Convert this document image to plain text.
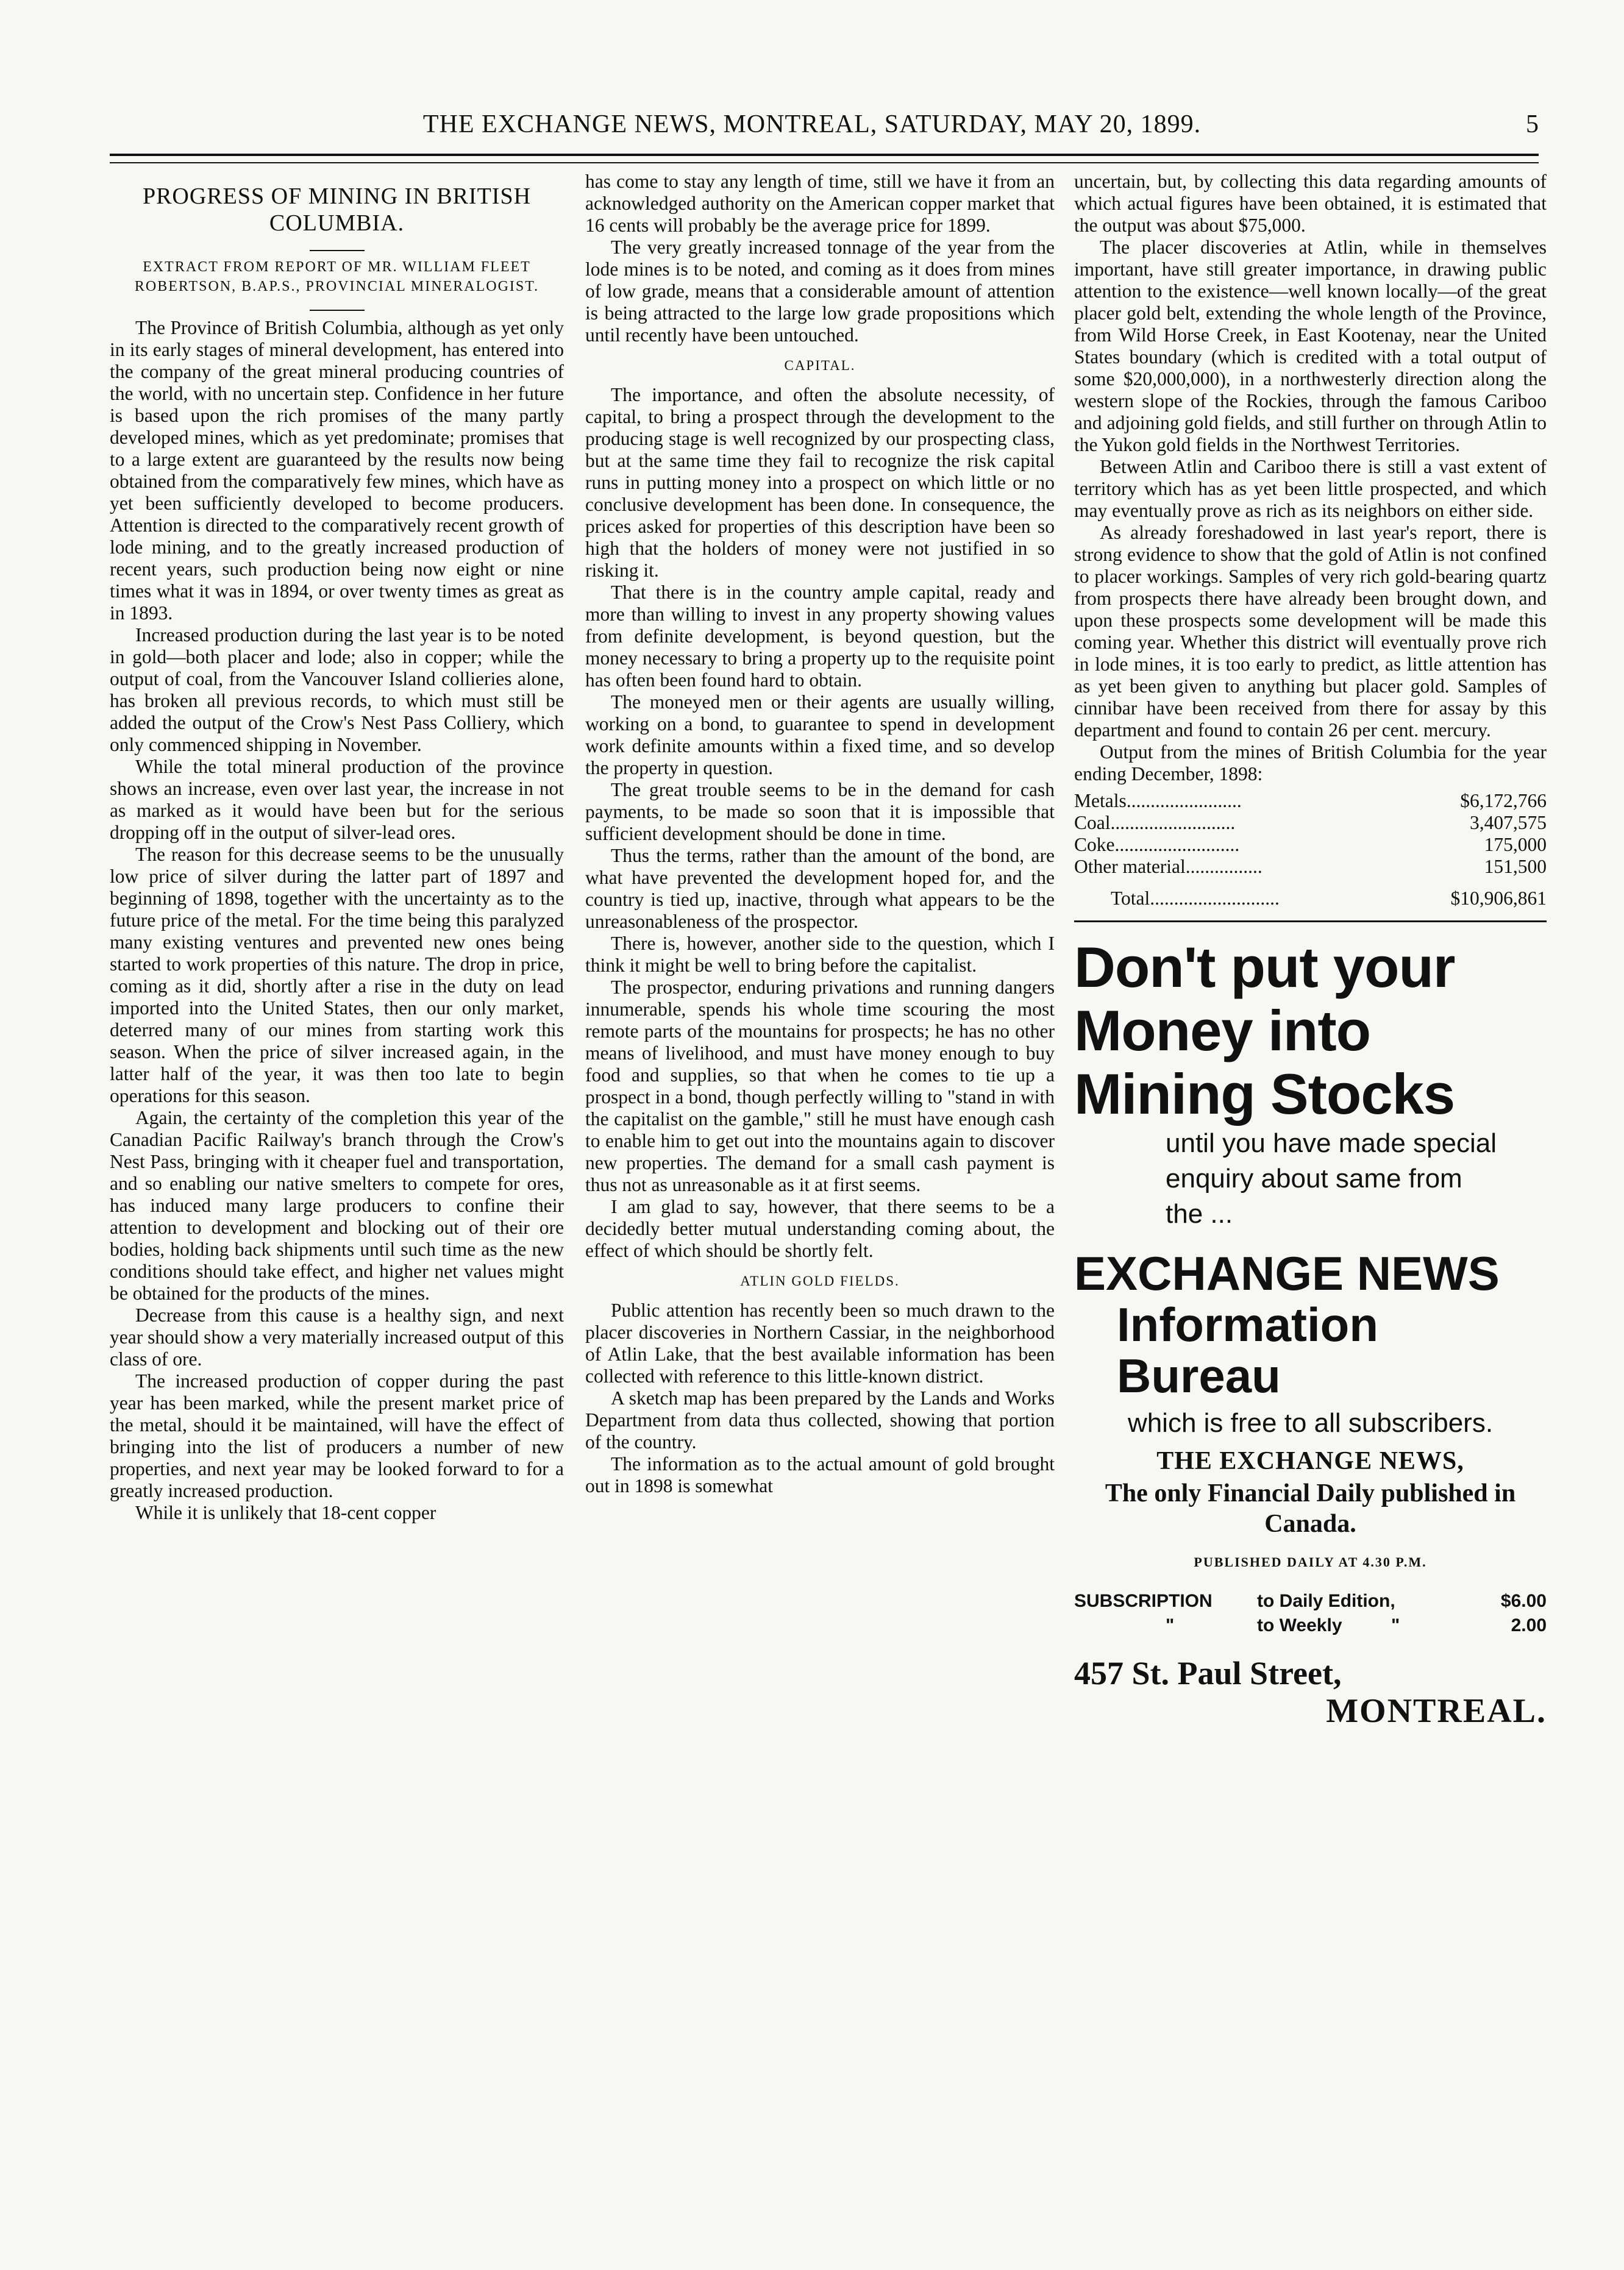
THE EXCHANGE NEWS, MONTREAL, SATURDAY, MAY 20, 1899.	5
PROGRESS OF MINING IN BRITISH COLUMBIA.
EXTRACT FROM REPORT OF MR. WILLIAM FLEET ROBERTSON, B.AP.S., PROVINCIAL MINERALOGIST.

The Province of British Columbia, although as yet only in its early stages of mineral development, has entered into the company of the great mineral producing countries of the world, with no uncertain step. Confidence in her future is based upon the rich promises of the many partly developed mines, which as yet predominate; promises that to a large extent are guaranteed by the results now being obtained from the comparatively few mines, which have as yet been sufficiently developed to become producers. Attention is directed to the comparatively recent growth of lode mining, and to the greatly increased production of recent years, such production being now eight or nine times what it was in 1894, or over twenty times as great as in 1893.

Increased production during the last year is to be noted in gold—both placer and lode; also in copper; while the output of coal, from the Vancouver Island collieries alone, has broken all previous records, to which must still be added the output of the Crow's Nest Pass Colliery, which only commenced shipping in November.

While the total mineral production of the province shows an increase, even over last year, the increase in not as marked as it would have been but for the serious dropping off in the output of silver-lead ores.

The reason for this decrease seems to be the unusually low price of silver during the latter part of 1897 and beginning of 1898, together with the uncertainty as to the future price of the metal. For the time being this paralyzed many existing ventures and prevented new ones being started to work properties of this nature. The drop in price, coming as it did, shortly after a rise in the duty on lead imported into the United States, then our only market, deterred many of our mines from starting work this season. When the price of silver increased again, in the latter half of the year, it was then too late to begin operations for this season.

Again, the certainty of the completion this year of the Canadian Pacific Railway's branch through the Crow's Nest Pass, bringing with it cheaper fuel and transportation, and so enabling our native smelters to compete for ores, has induced many large producers to confine their attention to development and blocking out of their ore bodies, holding back shipments until such time as the new conditions should take effect, and higher net values might be obtained for the products of the mines.

Decrease from this cause is a healthy sign, and next year should show a very materially increased output of this class of ore.

The increased production of copper during the past year has been marked, while the present market price of the metal, should it be maintained, will have the effect of bringing into the list of producers a number of new properties, and next year may be looked forward to for a greatly increased production.

While it is unlikely that 18-cent copper

has come to stay any length of time, still we have it from an acknowledged authority on the American copper market that 16 cents will probably be the average price for 1899.

The very greatly increased tonnage of the year from the lode mines is to be noted, and coming as it does from mines of low grade, means that a considerable amount of attention is being attracted to the large low grade propositions which until recently have been untouched.

CAPITAL.

The importance, and often the absolute necessity, of capital, to bring a prospect through the development to the producing stage is well recognized by our prospecting class, but at the same time they fail to recognize the risk capital runs in putting money into a prospect on which little or no conclusive development has been done. In consequence, the prices asked for properties of this description have been so high that the holders of money were not justified in so risking it.

That there is in the country ample capital, ready and more than willing to invest in any property showing values from definite development, is beyond question, but the money necessary to bring a property up to the requisite point has often been found hard to obtain.

The moneyed men or their agents are usually willing, working on a bond, to guarantee to spend in development work definite amounts within a fixed time, and so develop the property in question.

The great trouble seems to be in the demand for cash payments, to be made so soon that it is impossible that sufficient development should be done in time.

Thus the terms, rather than the amount of the bond, are what have prevented the development hoped for, and the country is tied up, inactive, through what appears to be the unreasonableness of the prospector.

There is, however, another side to the question, which I think it might be well to bring before the capitalist.

The prospector, enduring privations and running dangers innumerable, spends his whole time scouring the most remote parts of the mountains for prospects; he has no other means of livelihood, and must have money enough to buy food and supplies, so that when he comes to tie up a prospect in a bond, though perfectly willing to "stand in with the capitalist on the gamble," still he must have enough cash to enable him to get out into the mountains again to discover new properties. The demand for a small cash payment is thus not as unreasonable as it at first seems.

I am glad to say, however, that there seems to be a decidedly better mutual understanding coming about, the effect of which should be shortly felt.

ATLIN GOLD FIELDS.

Public attention has recently been so much drawn to the placer discoveries in Northern Cassiar, in the neighborhood of Atlin Lake, that the best available information has been collected with reference to this little-known district.

A sketch map has been prepared by the Lands and Works Department from data thus collected, showing that portion of the country.

The information as to the actual amount of gold brought out in 1898 is somewhat

uncertain, but, by collecting this data regarding amounts of which actual figures have been obtained, it is estimated that the output was about $75,000.

The placer discoveries at Atlin, while in themselves important, have still greater importance, in drawing public attention to the existence—well known locally—of the great placer gold belt, extending the whole length of the Province, from Wild Horse Creek, in East Kootenay, near the United States boundary (which is credited with a total output of some $20,000,000), in a northwesterly direction along the western slope of the Rockies, through the famous Cariboo and adjoining gold fields, and still further on through Atlin to the Yukon gold fields in the Northwest Territories.

Between Atlin and Cariboo there is still a vast extent of territory which has as yet been little prospected, and which may eventually prove as rich as its neighbors on either side.

As already foreshadowed in last year's report, there is strong evidence to show that the gold of Atlin is not confined to placer workings. Samples of very rich gold-bearing quartz from prospects there have already been brought down, and upon these prospects some development will be made this coming year. Whether this district will eventually prove rich in lode mines, it is too early to predict, as little attention has as yet been given to anything but placer gold. Samples of cinnibar have been received from there for assay by this department and found to contain 26 per cent. mercury.

Output from the mines of British Columbia for the year ending December, 1898:

Metals........................	$6,172,766
Coal..........................	3,407,575
Coke..........................	175,000
Other material................	151,500
Total...........................	$10,906,861
Don't put your
Money into
Mining Stocks
until you have made special
enquiry about same from
the ...
EXCHANGE NEWS
Information Bureau
which is free to all subscribers.
THE EXCHANGE NEWS,
The only Financial Daily published in Canada.
PUBLISHED DAILY AT 4.30 P.M.
SUBSCRIPTION to Daily Edition,	$6.00
"	to Weekly	"	2.00
457 St. Paul Street,
MONTREAL.
